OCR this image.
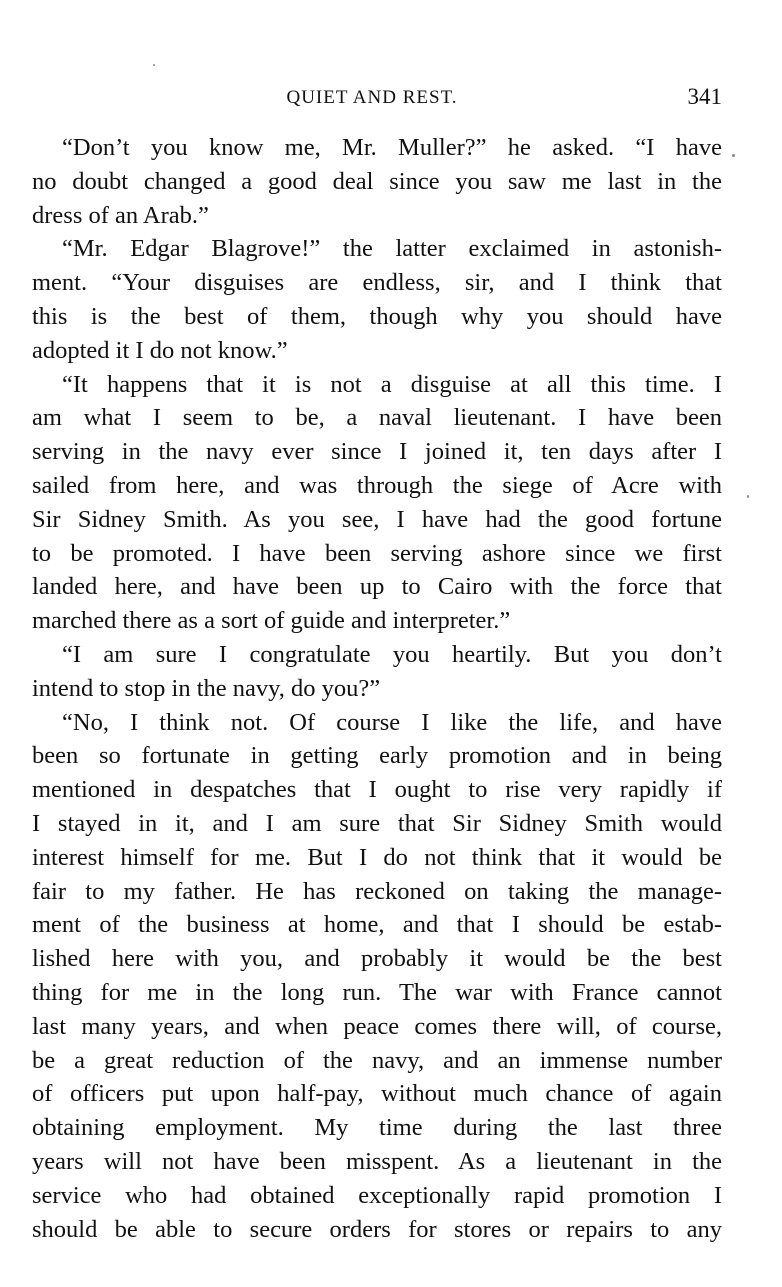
QUIET AND REST.	341
“Don’t you know me, Mr. Muller?” he asked. “I have
no doubt changed a good deal since you saw me last in the
dress of an Arab.”
“Mr. Edgar Blagrove!” the latter exclaimed in astonish-
ment. “Your disguises are endless, sir, and I think that
this is the best of them, though why you should have
adopted it I do not know.”
“It happens that it is not a disguise at all this time. I
am what I seem to be, a naval lieutenant. I have been
serving in the navy ever since I joined it, ten days after I
sailed from here, and was through the siege of Acre with
Sir Sidney Smith. As you see, I have had the good fortune
to be promoted. I have been serving ashore since we first
landed here, and have been up to Cairo with the force that
marched there as a sort of guide and interpreter.”
“I am sure I congratulate you heartily. But you don’t
intend to stop in the navy, do you?”
“No, I think not. Of course I like the life, and have
been so fortunate in getting early promotion and in being
mentioned in despatches that I ought to rise very rapidly if
I stayed in it, and I am sure that Sir Sidney Smith would
interest himself for me. But I do not think that it would be
fair to my father. He has reckoned on taking the manage-
ment of the business at home, and that I should be estab-
lished here with you, and probably it would be the best
thing for me in the long run. The war with France cannot
last many years, and when peace comes there will, of course,
be a great reduction of the navy, and an immense number
of officers put upon half-pay, without much chance of again
obtaining employment. My time during the last three
years will not have been misspent. As a lieutenant in the
service who had obtained exceptionally rapid promotion I
should be able to secure orders for stores or repairs to any
